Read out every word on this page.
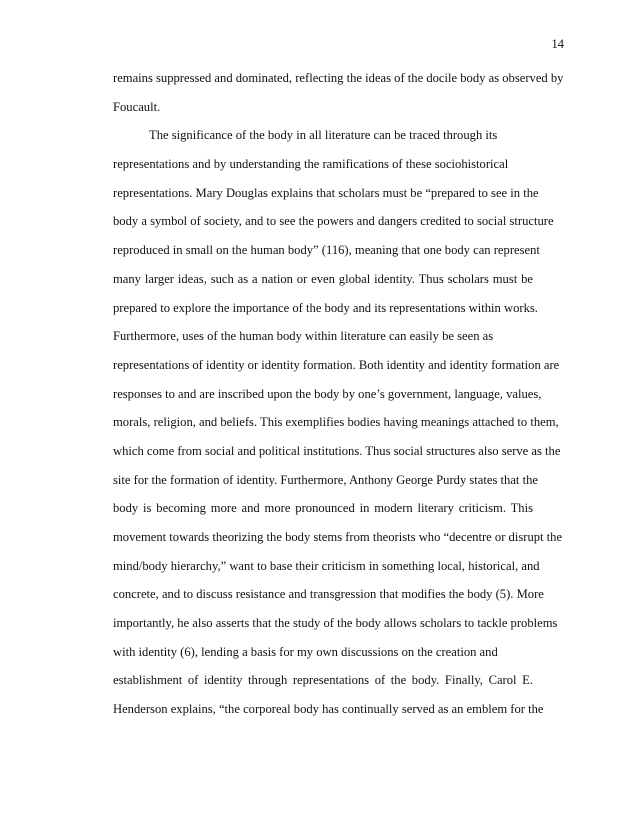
14
remains suppressed and dominated, reflecting the ideas of the docile body as observed by
Foucault.
The significance of the body in all literature can be traced through its
representations and by understanding the ramifications of these sociohistorical
representations. Mary Douglas explains that scholars must be “prepared to see in the
body a symbol of society, and to see the powers and dangers credited to social structure
reproduced in small on the human body” (116), meaning that one body can represent
many larger ideas, such as a nation or even global identity. Thus scholars must be
prepared to explore the importance of the body and its representations within works.
Furthermore, uses of the human body within literature can easily be seen as
representations of identity or identity formation. Both identity and identity formation are
responses to and are inscribed upon the body by one’s government, language, values,
morals, religion, and beliefs. This exemplifies bodies having meanings attached to them,
which come from social and political institutions. Thus social structures also serve as the
site for the formation of identity. Furthermore, Anthony George Purdy states that the
body is becoming more and more pronounced in modern literary criticism. This
movement towards theorizing the body stems from theorists who “decentre or disrupt the
mind/body hierarchy,” want to base their criticism in something local, historical, and
concrete, and to discuss resistance and transgression that modifies the body (5). More
importantly, he also asserts that the study of the body allows scholars to tackle problems
with identity (6), lending a basis for my own discussions on the creation and
establishment of identity through representations of the body. Finally, Carol E.
Henderson explains, “the corporeal body has continually served as an emblem for the
